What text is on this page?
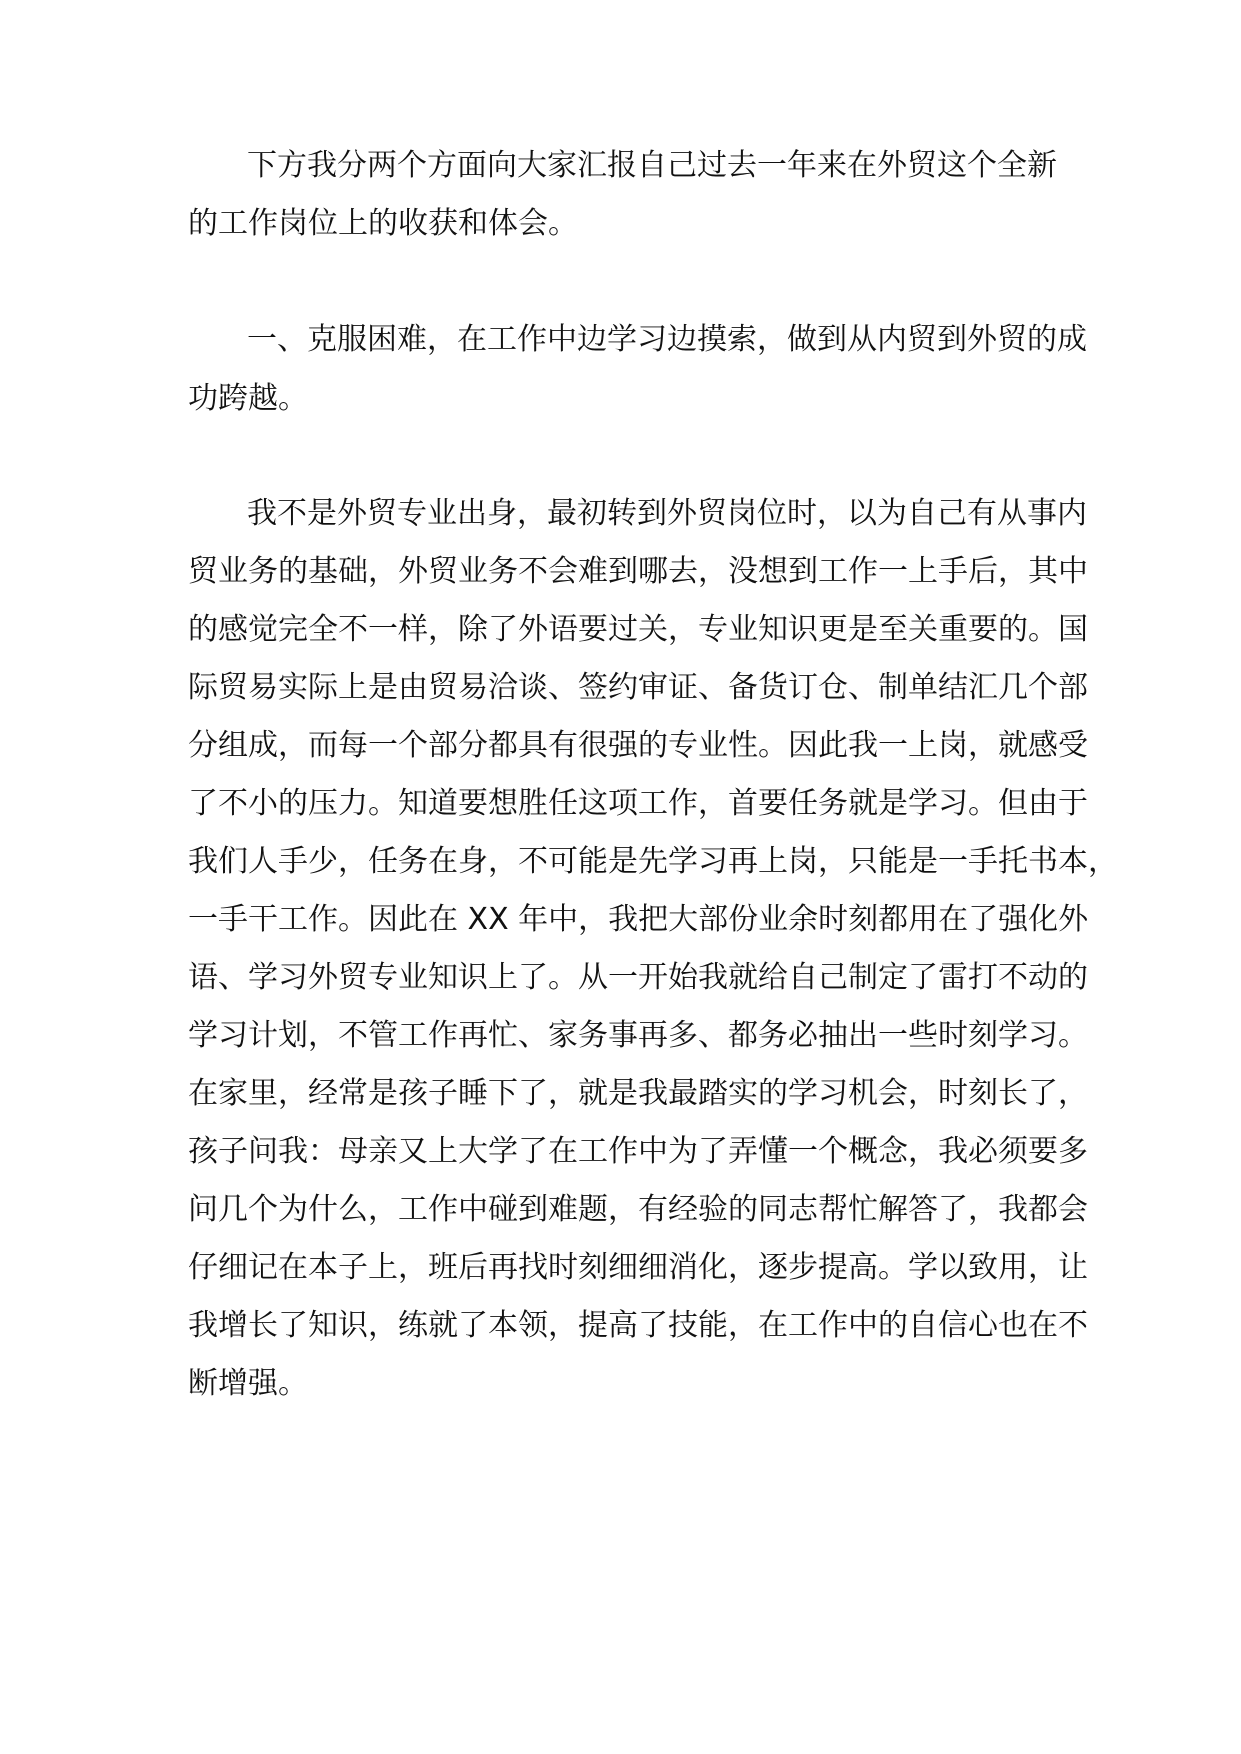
下方我分两个方面向大家汇报自己过去一年来在外贸这个全新
的工作岗位上的收获和体会。
一、克服困难，在工作中边学习边摸索，做到从内贸到外贸的成
功跨越。
我不是外贸专业出身，最初转到外贸岗位时，以为自己有从事内
贸业务的基础，外贸业务不会难到哪去，没想到工作一上手后，其中
的感觉完全不一样，除了外语要过关，专业知识更是至关重要的。国
际贸易实际上是由贸易洽谈、签约审证、备货订仓、制单结汇几个部
分组成，而每一个部分都具有很强的专业性。因此我一上岗，就感受
了不小的压力。知道要想胜任这项工作，首要任务就是学习。但由于
我们人手少，任务在身，不可能是先学习再上岗，只能是一手托书本，
一手干工作。因此在 XX 年中，我把大部份业余时刻都用在了强化外
语、学习外贸专业知识上了。从一开始我就给自己制定了雷打不动的
学习计划，不管工作再忙、家务事再多、都务必抽出一些时刻学习。
在家里，经常是孩子睡下了，就是我最踏实的学习机会，时刻长了，
孩子问我：母亲又上大学了在工作中为了弄懂一个概念，我必须要多
问几个为什么，工作中碰到难题，有经验的同志帮忙解答了，我都会
仔细记在本子上，班后再找时刻细细消化，逐步提高。学以致用，让
我增长了知识，练就了本领，提高了技能，在工作中的自信心也在不
断增强。
